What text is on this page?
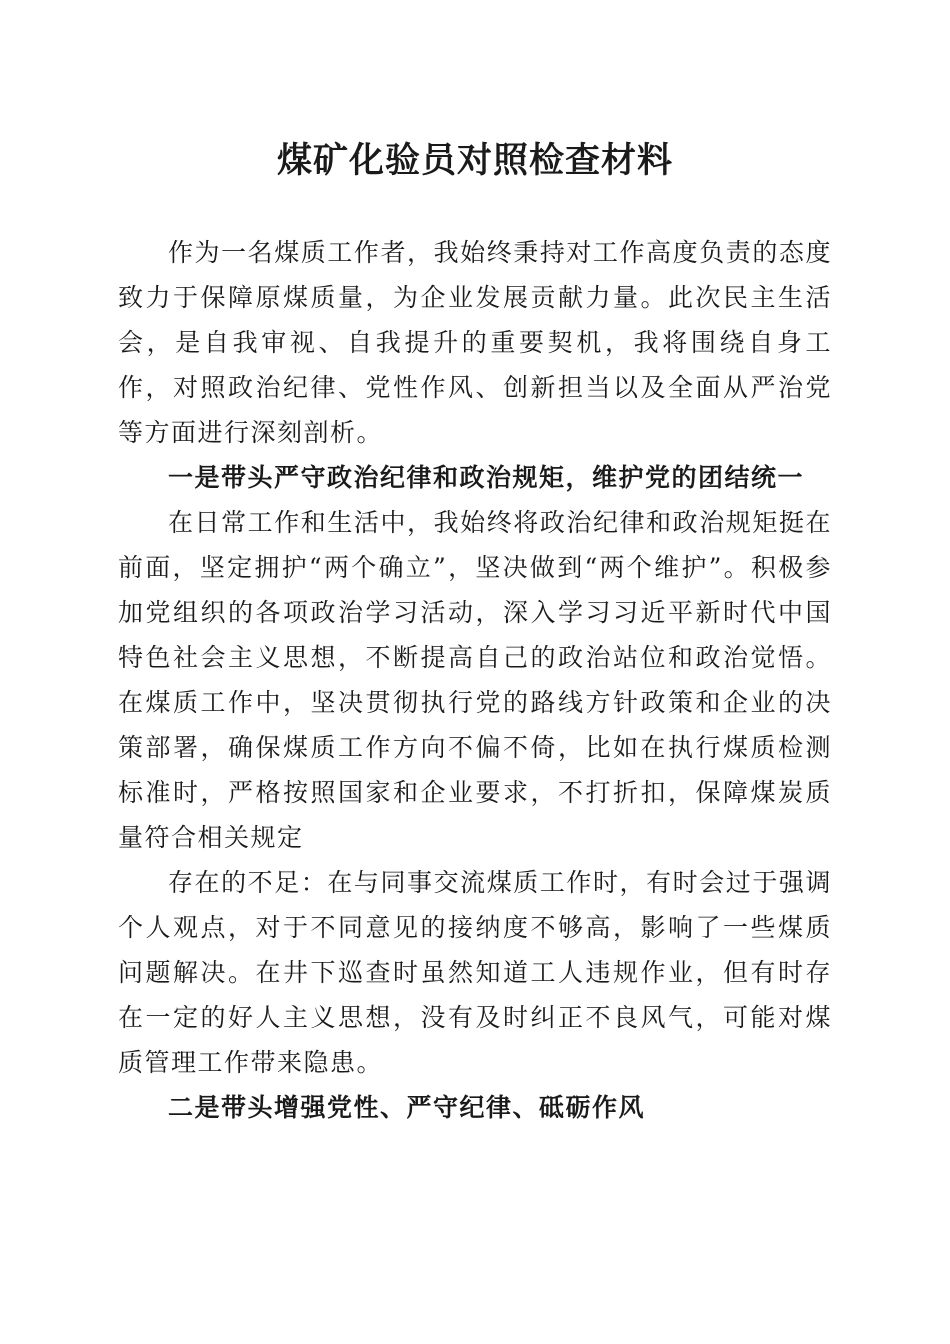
煤矿化验员对照检查材料

作为一名煤质工作者，我始终秉持对工作高度负责的态度致力于保障原煤质量，为企业发展贡献力量。此次民主生活会，是自我审视、自我提升的重要契机，我将围绕自身工作，对照政治纪律、党性作风、创新担当以及全面从严治党等方面进行深刻剖析。

一是带头严守政治纪律和政治规矩，维护党的团结统一

在日常工作和生活中，我始终将政治纪律和政治规矩挺在前面，坚定拥护“两个确立”，坚决做到“两个维护”。积极参加党组织的各项政治学习活动，深入学习习近平新时代中国特色社会主义思想，不断提高自己的政治站位和政治觉悟。在煤质工作中，坚决贯彻执行党的路线方针政策和企业的决策部署，确保煤质工作方向不偏不倚，比如在执行煤质检测标准时，严格按照国家和企业要求，不打折扣，保障煤炭质量符合相关规定

存在的不足：在与同事交流煤质工作时，有时会过于强调个人观点，对于不同意见的接纳度不够高，影响了一些煤质问题解决。在井下巡查时虽然知道工人违规作业，但有时存在一定的好人主义思想，没有及时纠正不良风气，可能对煤质管理工作带来隐患。

二是带头增强党性、严守纪律、砥砺作风
